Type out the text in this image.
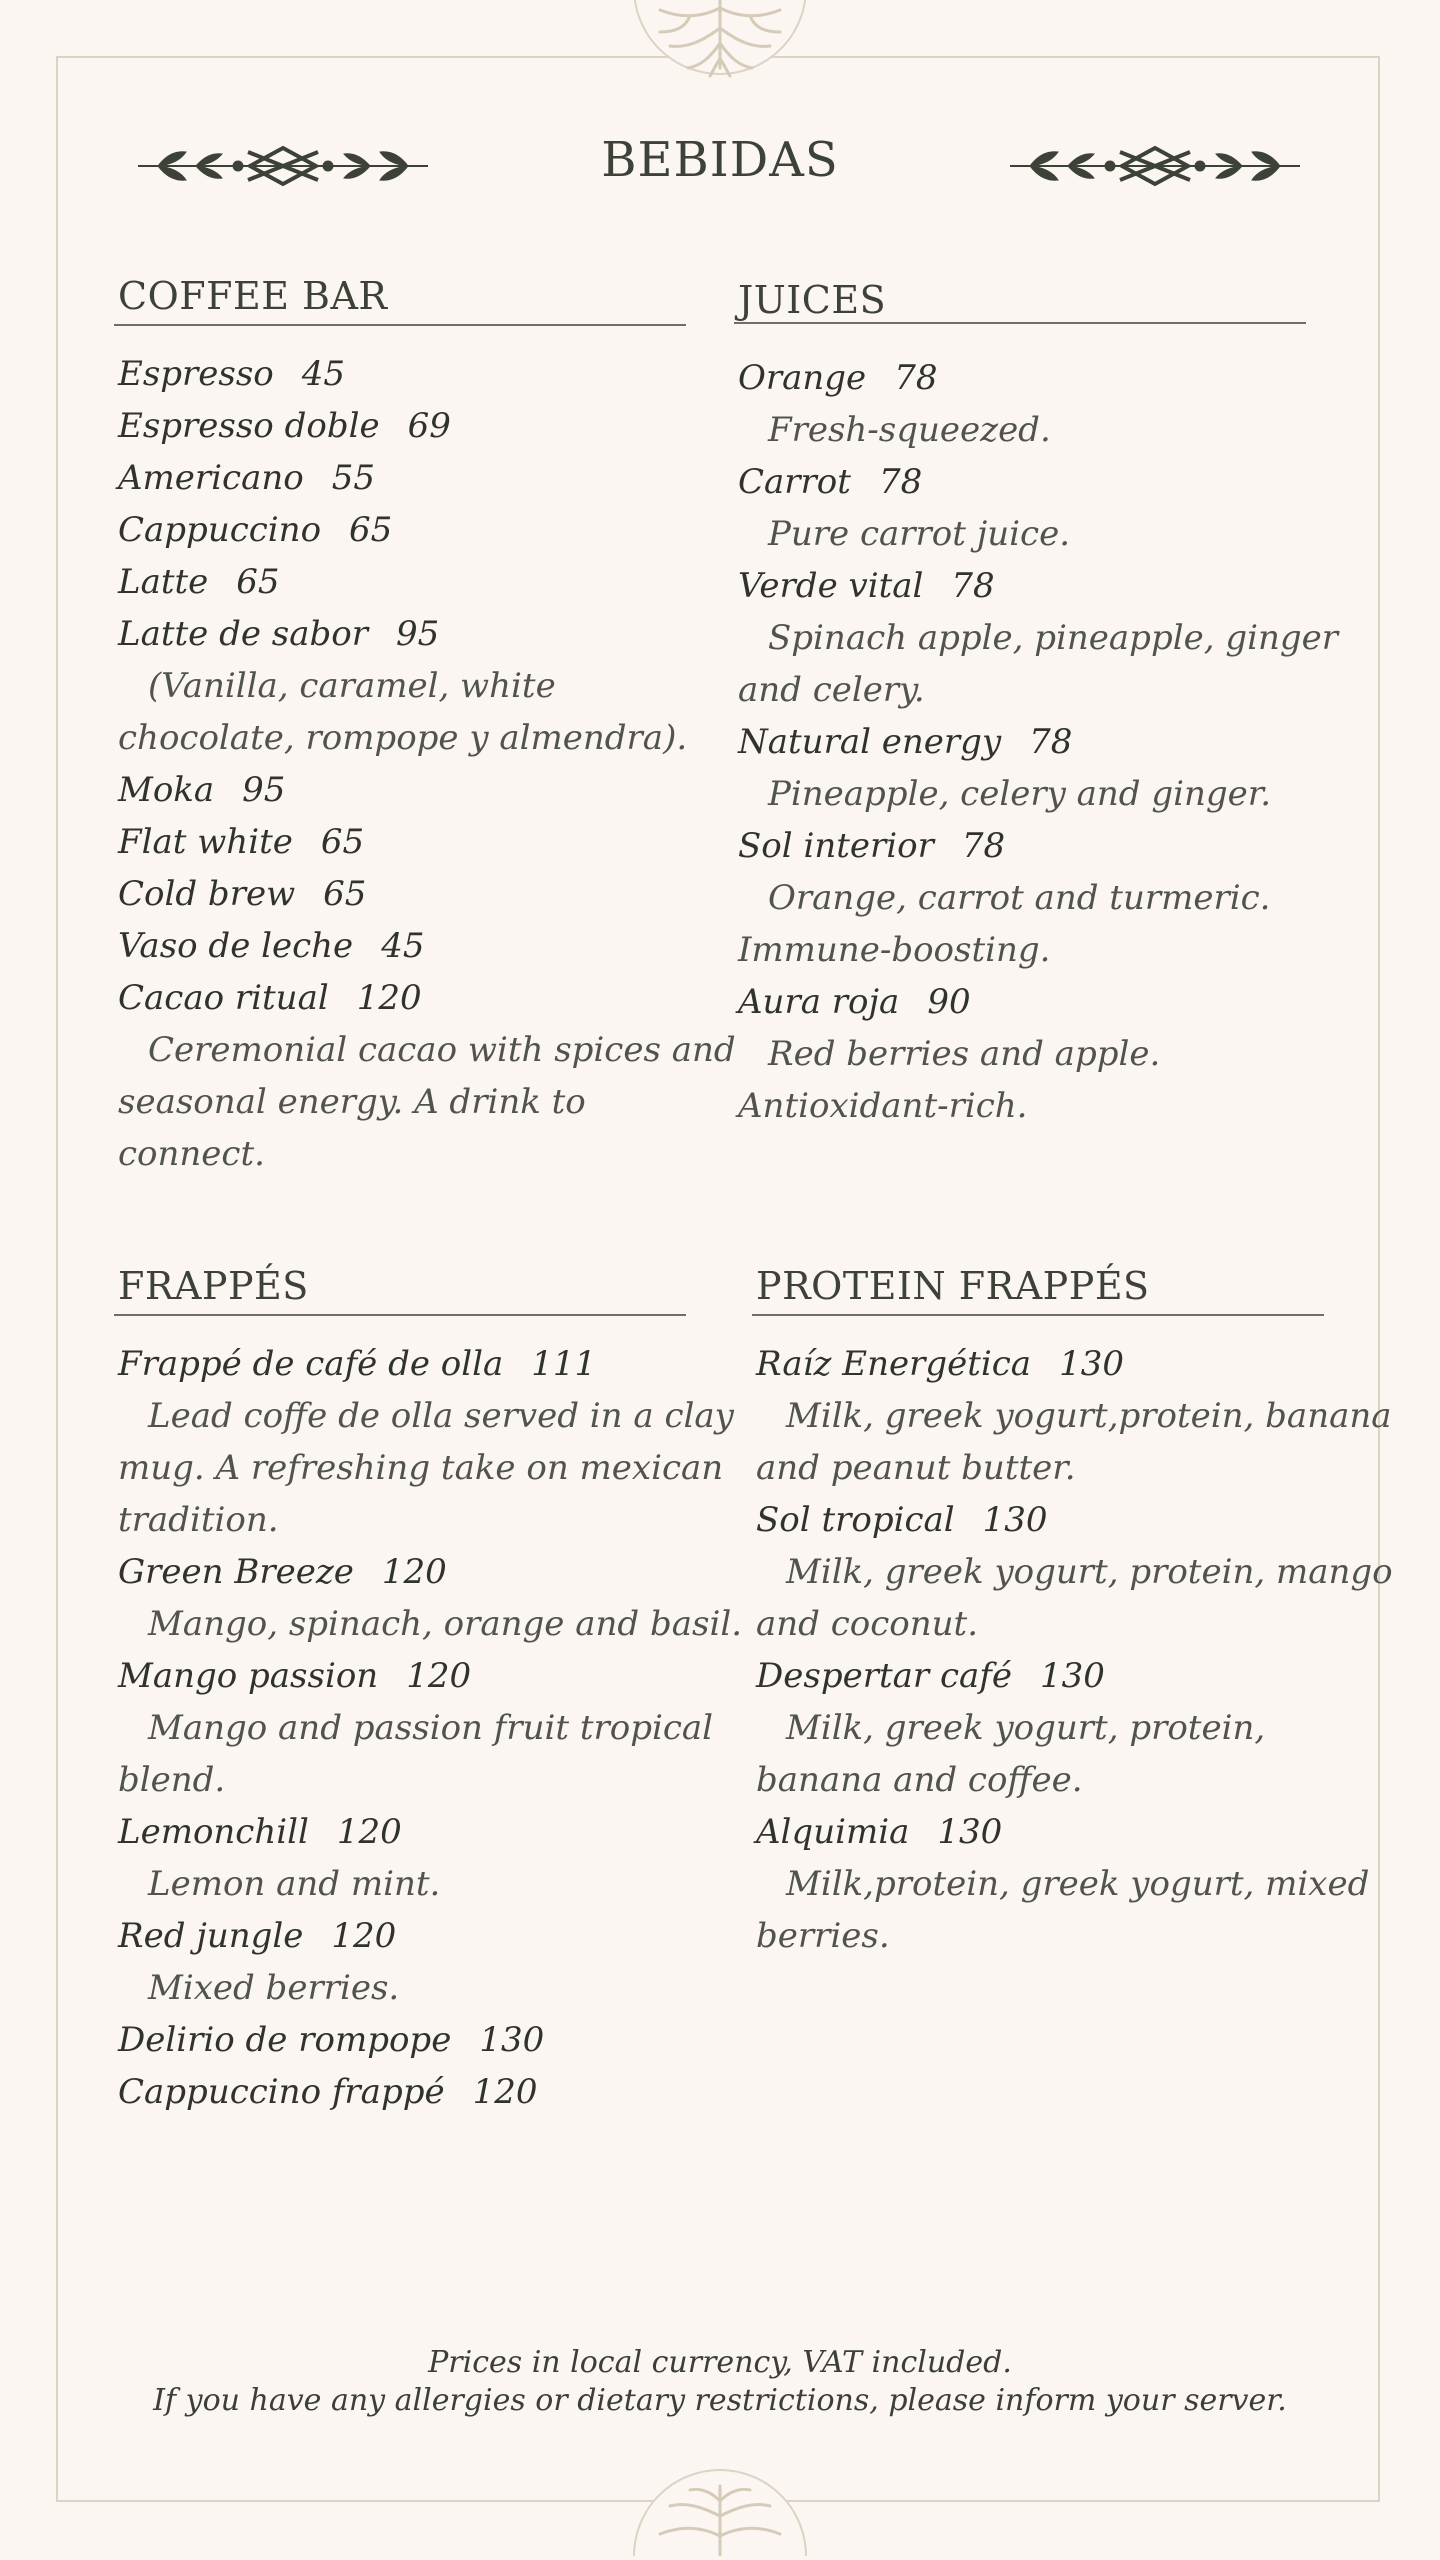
BEBIDAS
COFFEE BAR
Espresso 45
Espresso doble 69
Americano 55
Cappuccino 65
Latte 65
Latte de sabor 95
(Vanilla, caramel, white
chocolate, rompope y almendra).
Moka 95
Flat white 65
Cold brew 65
Vaso de leche 45
Cacao ritual 120
Ceremonial cacao with spices and
seasonal energy. A drink to
connect.
JUICES
Orange 78
Fresh-squeezed.
Carrot 78
Pure carrot juice.
Verde vital 78
Spinach apple, pineapple, ginger
and celery.
Natural energy 78
Pineapple, celery and ginger.
Sol interior 78
Orange, carrot and turmeric.
Immune-boosting.
Aura roja 90
Red berries and apple.
Antioxidant-rich.
FRAPPÉS
Frappé de café de olla 111
Lead coffe de olla served in a clay
mug. A refreshing take on mexican
tradition.
Green Breeze 120
Mango, spinach, orange and basil.
Mango passion 120
Mango and passion fruit tropical
blend.
Lemonchill 120
Lemon and mint.
Red jungle 120
Mixed berries.
Delirio de rompope 130
Cappuccino frappé 120
PROTEIN FRAPPÉS
Raíz Energética 130
Milk, greek yogurt,protein, banana
and peanut butter.
Sol tropical 130
Milk, greek yogurt, protein, mango
and coconut.
Despertar café 130
Milk, greek yogurt, protein,
banana and coffee.
Alquimia 130
Milk,protein, greek yogurt, mixed
berries.
Prices in local currency, VAT included.
If you have any allergies or dietary restrictions, please inform your server.
